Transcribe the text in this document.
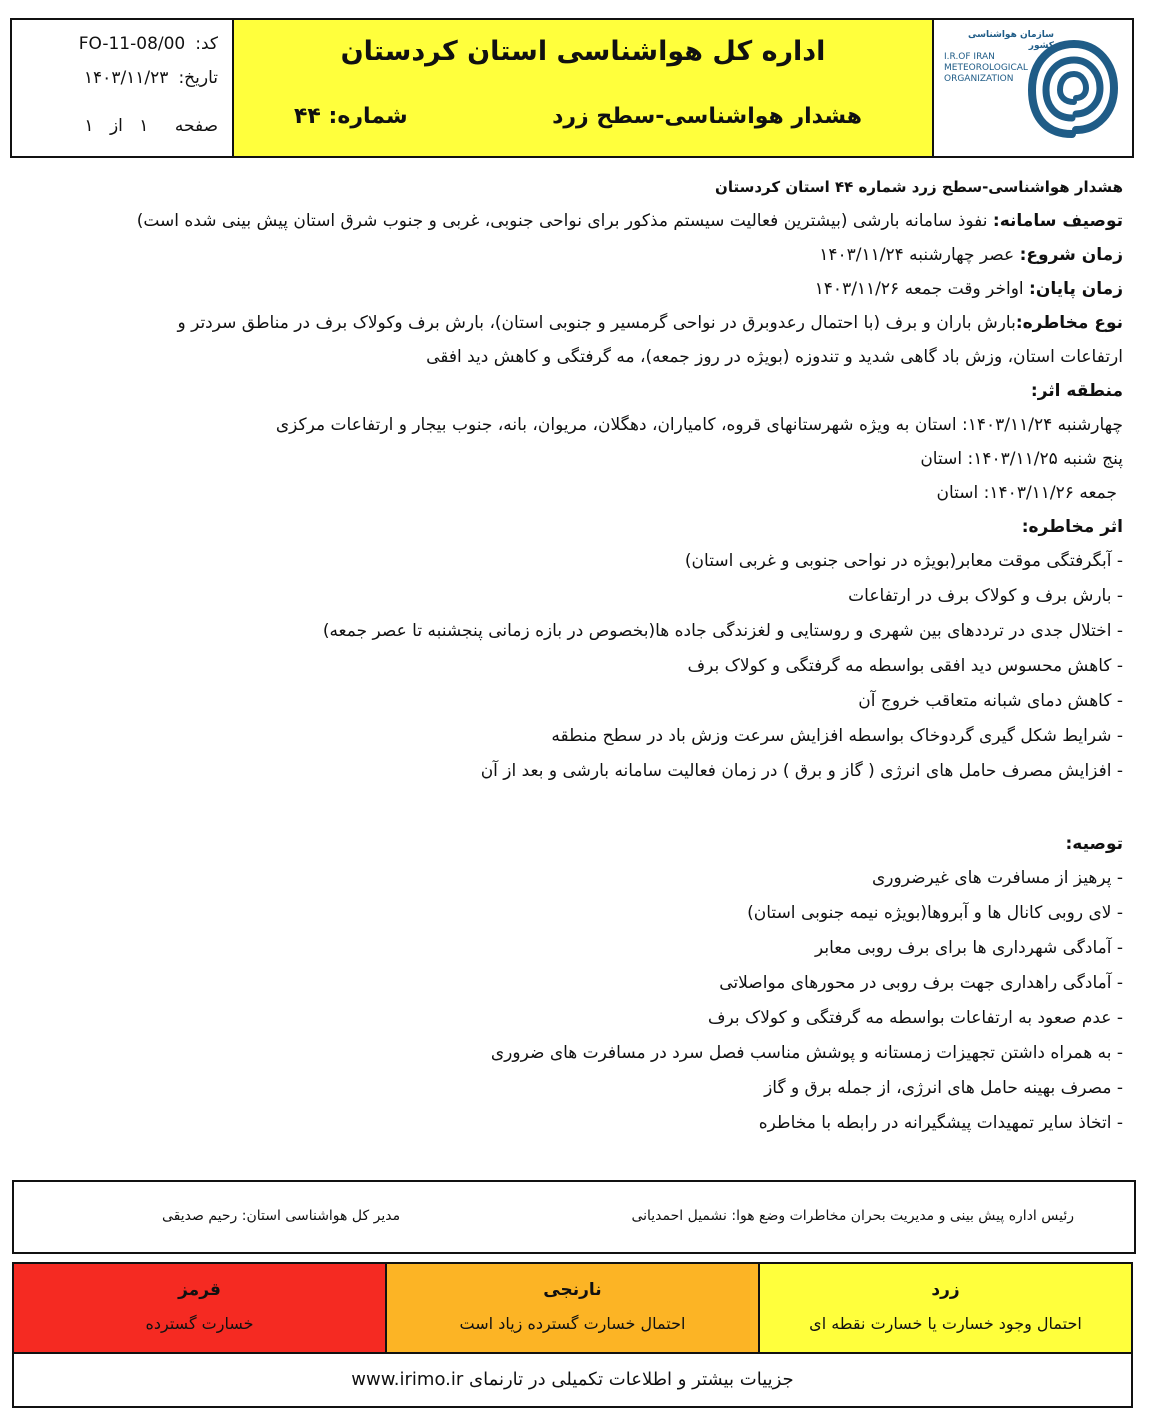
کد:
FO-11-08/00
تاریخ:
۱۴۰۳/۱۱/۲۳
صفحه
۱
از
۱
اداره کل هواشناسی استان کردستان
هشدار هواشناسی-سطح زرد
شماره: ۴۴
سازمان هواشناسی کشور
I.R.OF IRAN
METEOROLOGICAL
ORGANIZATION
هشدار هواشناسی-سطح زرد شماره ۴۴ استان کردستان
توصیف سامانه: نفوذ سامانه بارشی (بیشترین فعالیت سیستم مذکور برای نواحی جنوبی، غربی و جنوب شرق استان پیش بینی شده است)
زمان شروع: عصر چهارشنبه ۱۴۰۳/۱۱/۲۴
زمان پایان: اواخر وقت جمعه ۱۴۰۳/۱۱/۲۶
نوع مخاطره:بارش باران و برف (با احتمال رعدوبرق در نواحی گرمسیر و جنوبی استان)، بارش برف وکولاک برف در مناطق سردتر و
ارتفاعات استان، وزش باد گاهی شدید و تندوزه (بویژه در روز جمعه)، مه گرفتگی و کاهش دید افقی
منطقه اثر:
چهارشنبه ۱۴۰۳/۱۱/۲۴: استان به ویژه شهرستانهای قروه، کامیاران، دهگلان، مریوان، بانه، جنوب بیجار و ارتفاعات مرکزی
پنج شنبه ۱۴۰۳/۱۱/۲۵: استان
جمعه ۱۴۰۳/۱۱/۲۶: استان
اثر مخاطره:
- آبگرفتگی موقت معابر(بویژه در نواحی جنوبی و غربی استان)
- بارش برف و کولاک برف در ارتفاعات
- اختلال جدی در ترددهای بین شهری و روستایی و لغزندگی جاده ها(بخصوص در بازه زمانی پنجشنبه تا عصر جمعه)
- کاهش محسوس دید افقی بواسطه مه گرفتگی و کولاک برف
- کاهش دمای شبانه متعاقب خروج آن
- شرایط شکل گیری گردوخاک بواسطه افزایش سرعت وزش باد در سطح منطقه
- افزایش مصرف حامل های انرژی ( گاز و برق ) در زمان فعالیت سامانه بارشی و بعد از آن
توصیه:
- پرهیز از مسافرت های غیرضروری
- لای روبی کانال ها و آبروها(بویژه نیمه جنوبی استان)
- آمادگی شهرداری ها برای برف روبی معابر
- آمادگی راهداری جهت برف روبی در محورهای مواصلاتی
- عدم صعود به ارتفاعات بواسطه مه گرفتگی و کولاک برف
- به همراه داشتن تجهیزات زمستانه و پوشش مناسب فصل سرد در مسافرت های ضروری
- مصرف بهینه حامل های انرژی، از جمله برق و گاز
- اتخاذ سایر تمهیدات پیشگیرانه در رابطه با مخاطره
رئیس اداره پیش بینی و مدیریت بحران مخاطرات وضع هوا: نشمیل احمدیانی
مدیر کل هواشناسی استان: رحیم صدیقی
زرد
احتمال وجود خسارت یا خسارت نقطه ای
نارنجی
احتمال خسارت گسترده زیاد است
قرمز
خسارت گسترده
جزییات بیشتر و اطلاعات تکمیلی در تارنمای www.irimo.ir
